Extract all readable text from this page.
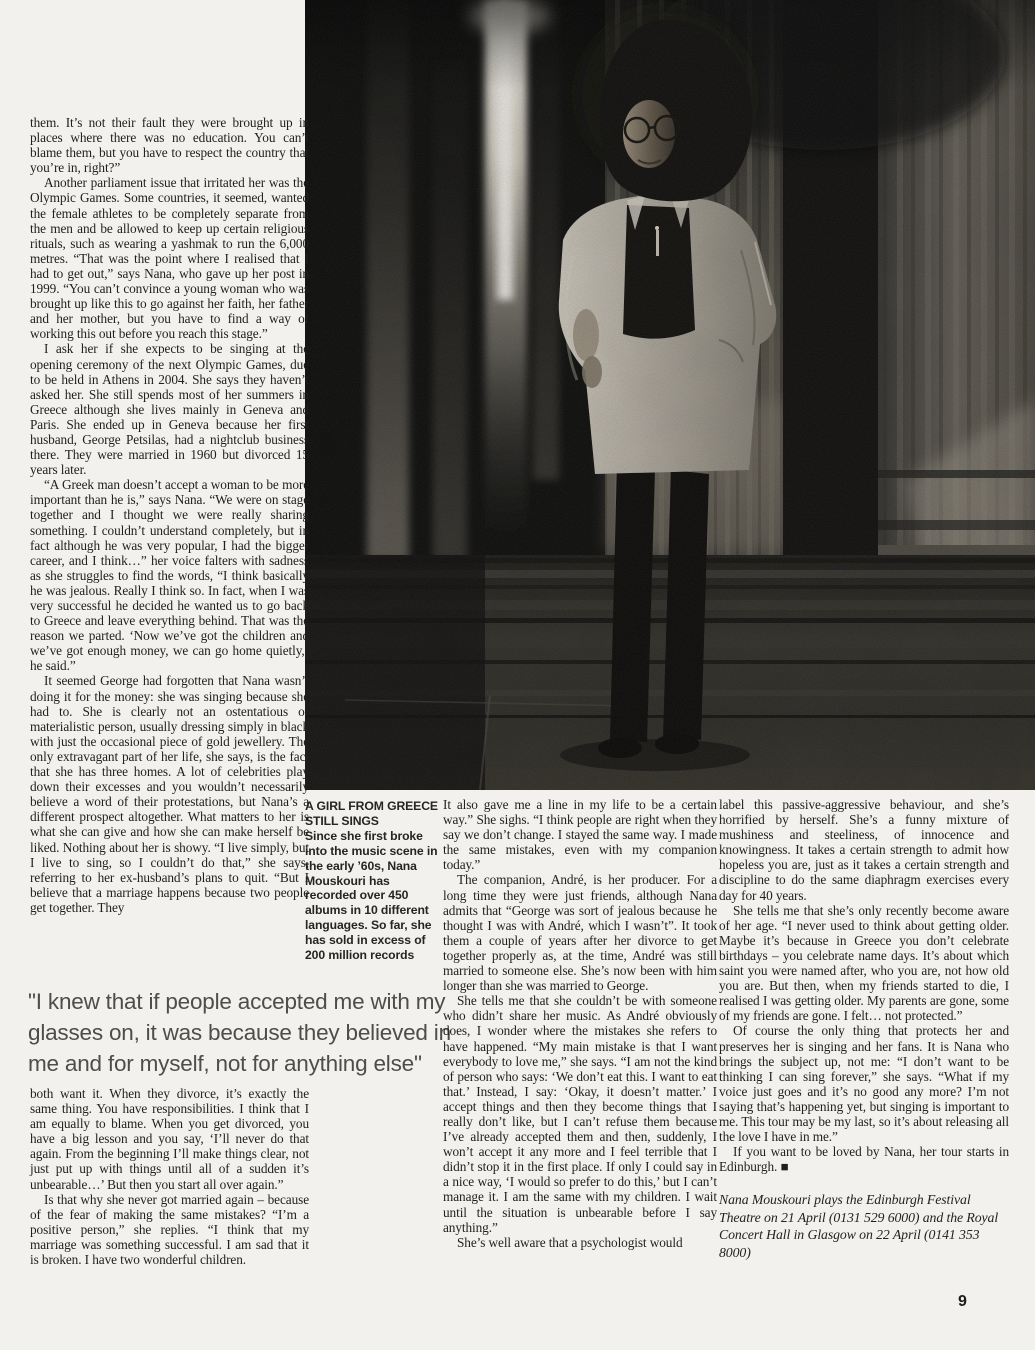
them. It’s not their fault they were brought up in places where there was no education. You can’t blame them, but you have to respect the country that you’re in, right?”

Another parliament issue that irritated her was the Olympic Games. Some countries, it seemed, wanted the female athletes to be completely separate from the men and be allowed to keep up certain religious rituals, such as wearing a yashmak to run the 6,000 metres. “That was the point where I realised that I had to get out,” says Nana, who gave up her post in 1999. “You can’t convince a young woman who was brought up like this to go against her faith, her father and her mother, but you have to find a way of working this out before you reach this stage.”

I ask her if she expects to be singing at the opening ceremony of the next Olympic Games, due to be held in Athens in 2004. She says they haven’t asked her. She still spends most of her summers in Greece although she lives mainly in Geneva and Paris. She ended up in Geneva because her first husband, George Petsilas, had a nightclub business there. They were married in 1960 but divorced 15 years later.

“A Greek man doesn’t accept a woman to be more important than he is,” says Nana. “We were on stage together and I thought we were really sharing something. I couldn’t understand completely, but in fact although he was very popular, I had the bigger career, and I think…” her voice falters with sadness as she struggles to find the words, “I think basically he was jealous. Really I think so. In fact, when I was very successful he decided he wanted us to go back to Greece and leave everything behind. That was the reason we parted. ‘Now we’ve got the children and we’ve got enough money, we can go home quietly,’ he said.”

It seemed George had forgotten that Nana wasn’t doing it for the money: she was singing because she had to. She is clearly not an ostentatious or materialistic person, usually dressing simply in black with just the occasional piece of gold jewellery. The only extravagant part of her life, she says, is the fact that she has three homes. A lot of celebrities play down their excesses and you wouldn’t necessarily believe a word of their protestations, but Nana’s a different prospect altogether. What matters to her is what she can give and how she can make herself be liked. Nothing about her is showy. “I live simply, but I live to sing, so I couldn’t do that,” she says, referring to her ex-husband’s plans to quit. “But I believe that a marriage happens because two people get together. They

"I knew that if people accepted me with my glasses on, it was because they believed in me and for myself, not for anything else"

both want it. When they divorce, it’s exactly the same thing. You have responsibilities. I think that I am equally to blame. When you get divorced, you have a big lesson and you say, ‘I’ll never do that again. From the beginning I’ll make things clear, not just put up with things until all of a sudden it’s unbearable…’ But then you start all over again.”

Is that why she never got married again – because of the fear of making the same mistakes? “I’m a positive person,” she replies. “I think that my marriage was something successful. I am sad that it is broken. I have two wonderful children.

A GIRL FROM GREECE STILL SINGS
Since she first broke into the music scene in the early ’60s, Nana Mouskouri has recorded over 450 albums in 10 different languages. So far, she has sold in excess of 200 million records

It also gave me a line in my life to be a certain way.” She sighs. “I think people are right when they say we don’t change. I stayed the same way. I made the same mistakes, even with my companion today.”

The companion, André, is her producer. For a long time they were just friends, although Nana admits that “George was sort of jealous because he thought I was with André, which I wasn’t”. It took them a couple of years after her divorce to get together properly as, at the time, André was still married to someone else. She’s now been with him longer than she was married to George.

She tells me that she couldn’t be with someone who didn’t share her music. As André obviously does, I wonder where the mistakes she refers to have happened. “My main mistake is that I want everybody to love me,” she says. “I am not the kind of person who says: ‘We don’t eat this. I want to eat that.’ Instead, I say: ‘Okay, it doesn’t matter.’ I accept things and then they become things that I really don’t like, but I can’t refuse them because I’ve already accepted them and then, suddenly, I won’t accept it any more and I feel terrible that I didn’t stop it in the first place. If only I could say in a nice way, ‘I would so prefer to do this,’ but I can’t manage it. I am the same with my children. I wait until the situation is unbearable before I say anything.”

She’s well aware that a psychologist would

label this passive-aggressive behaviour, and she’s horrified by herself. She’s a funny mixture of mushiness and steeliness, of innocence and knowingness. It takes a certain strength to admit how hopeless you are, just as it takes a certain strength and discipline to do the same diaphragm exercises every day for 40 years.

She tells me that she’s only recently become aware of her age. “I never used to think about getting older. Maybe it’s because in Greece you don’t celebrate birthdays – you celebrate name days. It’s about which saint you were named after, who you are, not how old you are. But then, when my friends started to die, I realised I was getting older. My parents are gone, some of my friends are gone. I felt… not protected.”

Of course the only thing that protects her and preserves her is singing and her fans. It is Nana who brings the subject up, not me: “I don’t want to be thinking I can sing forever,” she says. “What if my voice just goes and it’s no good any more? I’m not saying that’s happening yet, but singing is important to me. This tour may be my last, so it’s about releasing all the love I have in me.”

If you want to be loved by Nana, her tour starts in Edinburgh. ■

Nana Mouskouri plays the Edinburgh Festival Theatre on 21 April (0131 529 6000) and the Royal Concert Hall in Glasgow on 22 April (0141 353 8000)
9
